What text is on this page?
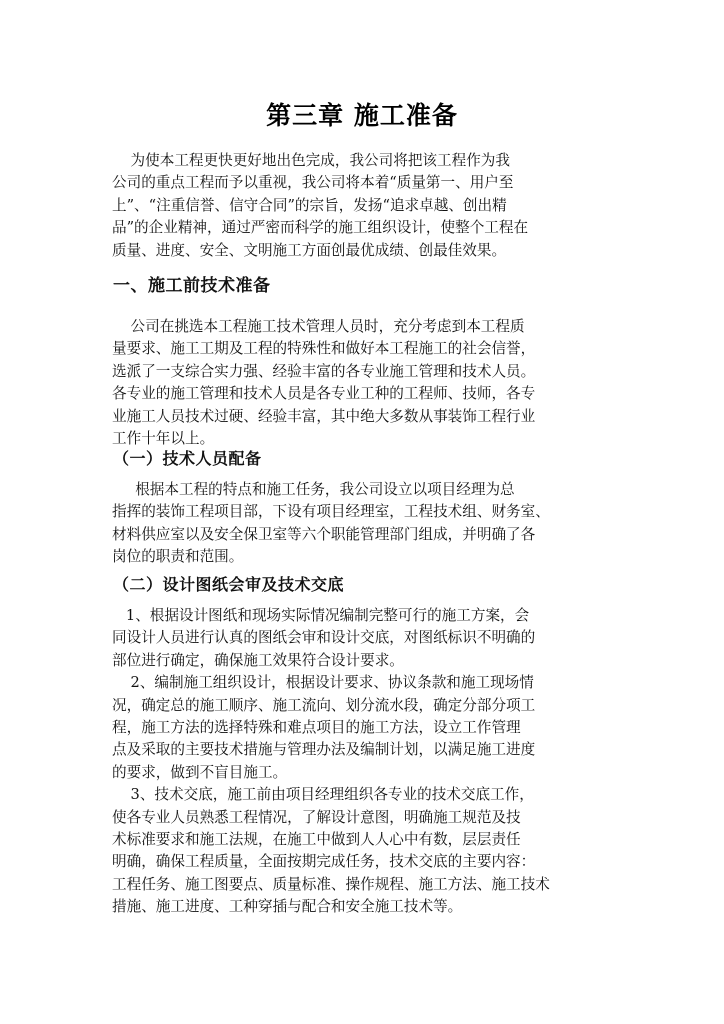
第三章 施工准备
为使本工程更快更好地出色完成，我公司将把该工程作为我
公司的重点工程而予以重视，我公司将本着“质量第一、用户至
上”、“注重信誉、信守合同”的宗旨，发扬“追求卓越、创出精
品”的企业精神，通过严密而科学的施工组织设计，使整个工程在
质量、进度、安全、文明施工方面创最优成绩、创最佳效果。
一、施工前技术准备
公司在挑选本工程施工技术管理人员时，充分考虑到本工程质
量要求、施工工期及工程的特殊性和做好本工程施工的社会信誉，
选派了一支综合实力强、经验丰富的各专业施工管理和技术人员。
各专业的施工管理和技术人员是各专业工种的工程师、技师，各专
业施工人员技术过硬、经验丰富，其中绝大多数从事装饰工程行业
工作十年以上。
（一）技术人员配备
根据本工程的特点和施工任务，我公司设立以项目经理为总
指挥的装饰工程项目部，下设有项目经理室，工程技术组、财务室、
材料供应室以及安全保卫室等六个职能管理部门组成，并明确了各
岗位的职责和范围。
（二）设计图纸会审及技术交底
1、根据设计图纸和现场实际情况编制完整可行的施工方案，会
同设计人员进行认真的图纸会审和设计交底，对图纸标识不明确的
部位进行确定，确保施工效果符合设计要求。
2、编制施工组织设计，根据设计要求、协议条款和施工现场情
况，确定总的施工顺序、施工流向、划分流水段，确定分部分项工
程，施工方法的选择特殊和难点项目的施工方法，设立工作管理
点及采取的主要技术措施与管理办法及编制计划，以满足施工进度
的要求，做到不盲目施工。
3、技术交底，施工前由项目经理组织各专业的技术交底工作，
使各专业人员熟悉工程情况，了解设计意图，明确施工规范及技
术标准要求和施工法规，在施工中做到人人心中有数，层层责任
明确，确保工程质量，全面按期完成任务，技术交底的主要内容：
工程任务、施工图要点、质量标准、操作规程、施工方法、施工技术
措施、施工进度、工种穿插与配合和安全施工技术等。
